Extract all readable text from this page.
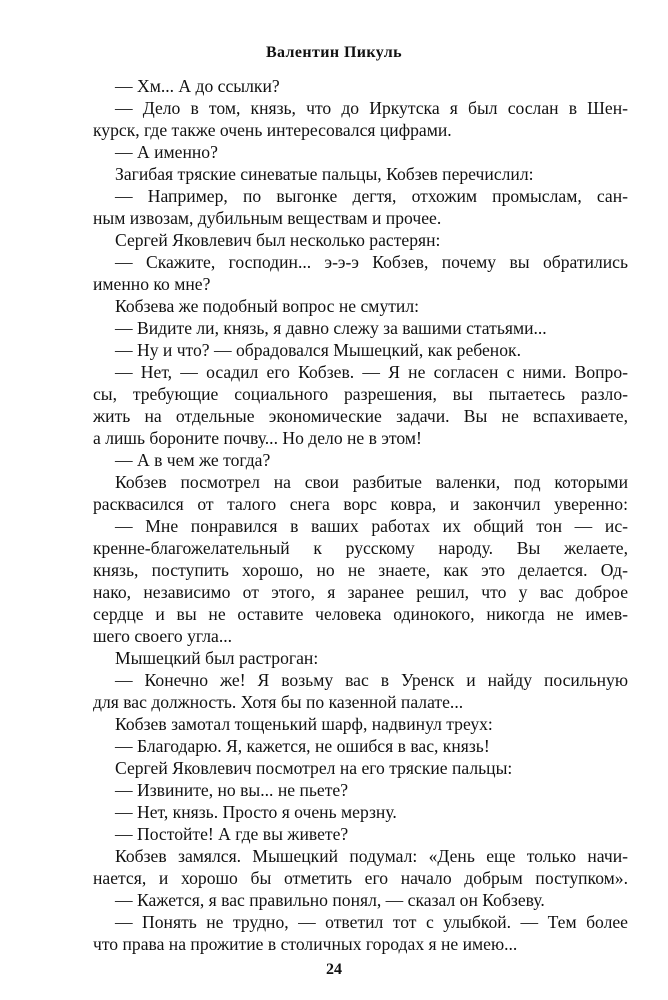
Валентин Пикуль
— Хм... А до ссылки?
— Дело в том, князь, что до Иркутска я был сослан в Шен-
курск, где также очень интересовался цифрами.
— А именно?
Загибая тряские синеватые пальцы, Кобзев перечислил:
— Например, по выгонке дегтя, отхожим промыслам, сан-
ным извозам, дубильным веществам и прочее.
Сергей Яковлевич был несколько растерян:
— Скажите, господин... э-э-э Кобзев, почему вы обратились
именно ко мне?
Кобзева же подобный вопрос не смутил:
— Видите ли, князь, я давно слежу за вашими статьями...
— Ну и что? — обрадовался Мышецкий, как ребенок.
— Нет, — осадил его Кобзев. — Я не согласен с ними. Вопро-
сы, требующие социального разрешения, вы пытаетесь разло-
жить на отдельные экономические задачи. Вы не вспахиваете,
а лишь бороните почву... Но дело не в этом!
— А в чем же тогда?
Кобзев посмотрел на свои разбитые валенки, под которыми
раскваcился от талого снега ворс ковра, и закончил уверенно:
— Мне понравился в ваших работах их общий тон — ис-
кренне-благожелательный к русскому народу. Вы желаете,
князь, поступить хорошо, но не знаете, как это делается. Од-
нако, независимо от этого, я заранее решил, что у вас доброе
сердце и вы не оставите человека одинокого, никогда не имев-
шего своего угла...
Мышецкий был растроган:
— Конечно же! Я возьму вас в Уренск и найду посильную
для вас должность. Хотя бы по казенной палате...
Кобзев замотал тощенький шарф, надвинул треух:
— Благодарю. Я, кажется, не ошибся в вас, князь!
Сергей Яковлевич посмотрел на его тряские пальцы:
— Извините, но вы... не пьете?
— Нет, князь. Просто я очень мерзну.
— Постойте! А где вы живете?
Кобзев замялся. Мышецкий подумал: «День еще только начи-
нается, и хорошо бы отметить его начало добрым поступком».
— Кажется, я вас правильно понял, — сказал он Кобзеву.
— Понять не трудно, — ответил тот с улыбкой. — Тем более
что права на прожитие в столичных городах я не имею...
24
